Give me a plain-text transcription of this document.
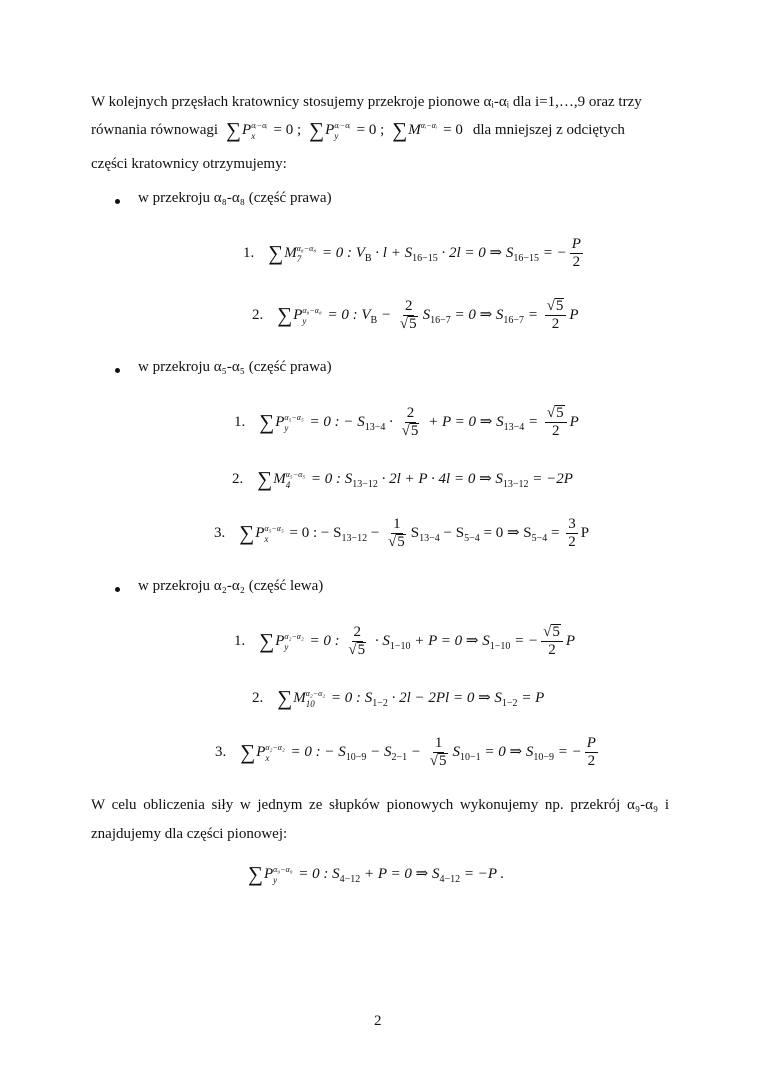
W kolejnych przęsłach kratownicy stosujemy przekroje pionowe αᵢ-αᵢ dla i=1,…,9 oraz trzy
równania równowagi ∑P αᵢ−αᵢ
x	= 0 ; ∑P αᵢ−αᵢ
y	= 0 ; ∑M αᵢ−αᵢ
= 0 dla mniejszej z odciętych
części kratownicy otrzymujemy:
w przekroju α₈-α₈ (część prawa)
1. ∑M α₈−α₈
7	= 0 : $V_B \cdot l + S_{16-15} \cdot 2l = 0$ ⇒ $S_{16-15}$ = − $\frac{P}{2}$
2. ∑P α₈−α₈
y	= 0 : $V_B - \frac{2}{√ 5} S_{16-7} = 0$ ⇒ $S_{16-7} = \frac{√ 5}{2}$ P
w przekroju α₅-α₅ (część prawa)
1. ∑P α₅−α₅
y	= 0 : − $S_{13-4} \cdot \frac{2}{√ 5} + P = 0$ ⇒ $S_{13-4} = \frac{√ 5}{2}$ P
2. ∑M α₅−α₅
4	= 0 : $S_{13-12} \cdot 2l + P \cdot 4l = 0$ ⇒ $S_{13-12} = -2P$
3. ∑P α₅−α₅
x	= 0 : − $S_{13-12} - \frac{1}{√ 5} S_{13-4} - S_{5-4} = 0$ ⇒ $S_{5-4} = \frac{3}{2}$ P
w przekroju α₂-α₂ (część lewa)
1. ∑P α₂−α₂
y	= 0 : $\frac{2}{√ 5} \cdot S_{1-10} + P = 0$ ⇒ $S_{1-10}$ = − $\frac{√ 5}{2}$ P
2. ∑M α₂−α₂
10 = 0 : $S_{1-2} \cdot 2l - 2Pl = 0$ ⇒ $S_{1-2} = P$
3. ∑P α₂−α₂
x	= 0 : − $S_{10-9} - S_{2-1} - \frac{1}{√ 5} S_{10-1} = 0$ ⇒ $S_{10-9}$ = − $\frac{P}{2}$
W celu obliczenia siły w jednym ze słupków pionowych wykonujemy np. przekrój α₉-α₉ i
znajdujemy dla części pionowej:
∑P α₉−α₉
y	= 0 : $S_{4-12} + P = 0$ ⇒ $S_{4-12} = -P$ .
2
